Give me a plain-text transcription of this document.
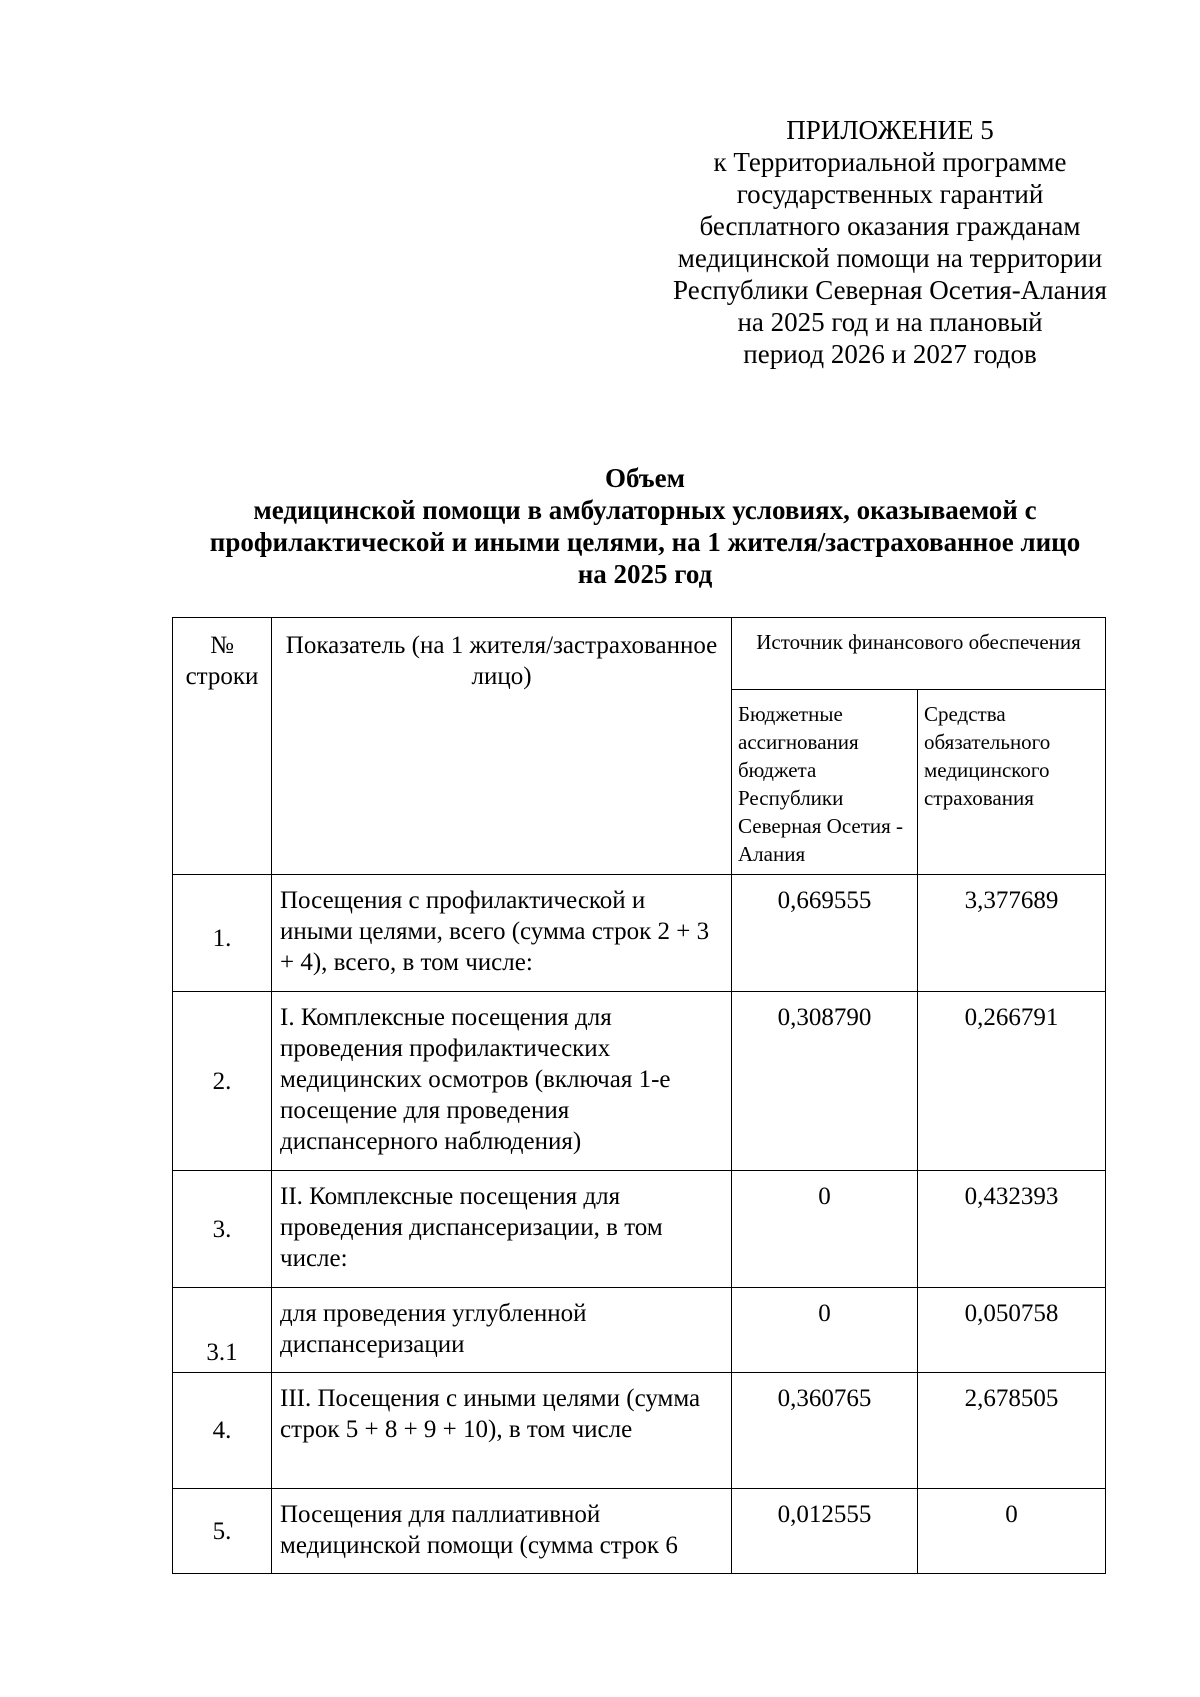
ПРИЛОЖЕНИЕ 5
к Территориальной программе
государственных гарантий
бесплатного оказания гражданам
медицинской помощи на территории
Республики Северная Осетия-Алания
на 2025 год и на плановый
период 2026 и 2027 годов
Объем
медицинской помощи в амбулаторных условиях, оказываемой с
профилактической и иными целями, на 1 жителя/застрахованное лицо
на 2025 год
№ строки	Показатель (на 1 жителя/застрахованное лицо)	Источник финансового обеспечения	
		Бюджетные ассигнования бюджета Республики Северная Осетия - Алания	Средства обязательного медицинского страхования
1.	Посещения с профилактической и иными целями, всего (сумма строк 2 + 3 + 4), всего, в том числе:	0,669555	3,377689
2.	I. Комплексные посещения для проведения профилактических медицинских осмотров (включая 1-е посещение для проведения диспансерного наблюдения)	0,308790	0,266791
3.	II. Комплексные посещения для проведения диспансеризации, в том числе:	0	0,432393
3.1	для проведения углубленной диспансеризации	0	0,050758
4.	III. Посещения с иными целями (сумма строк 5 + 8 + 9 + 10), в том числе	0,360765	2,678505
5.	Посещения для паллиативной медицинской помощи (сумма строк 6	0,012555	0
